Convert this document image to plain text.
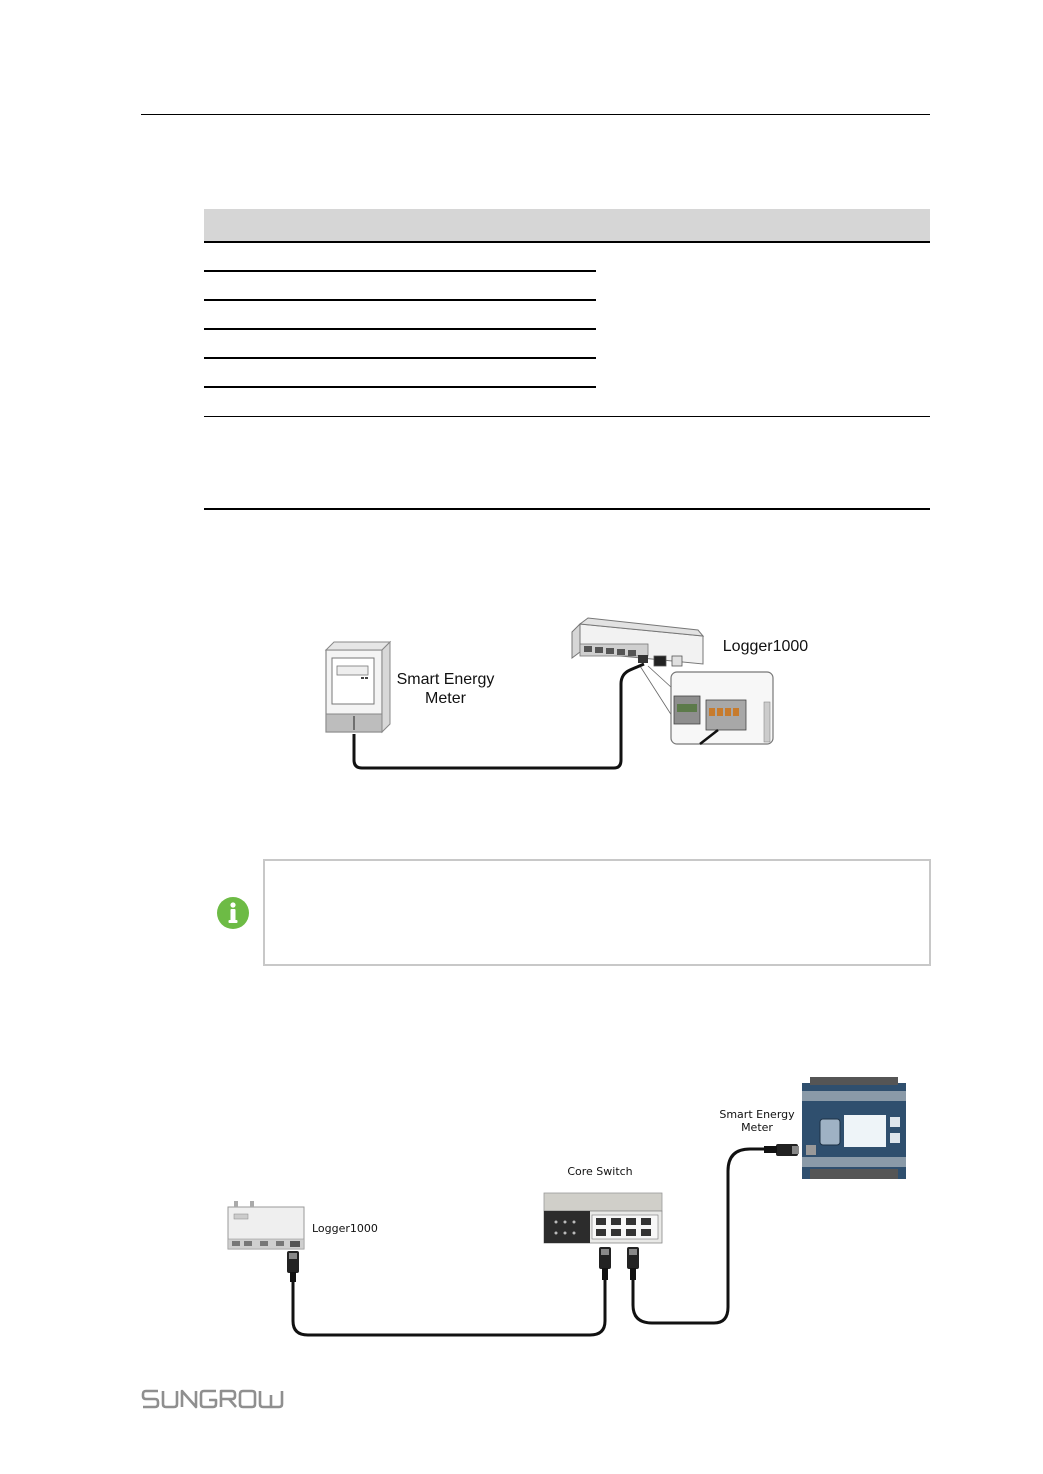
Smart Energy
Meter
Logger1000
Logger1000
Core Switch
Smart Energy
Meter
